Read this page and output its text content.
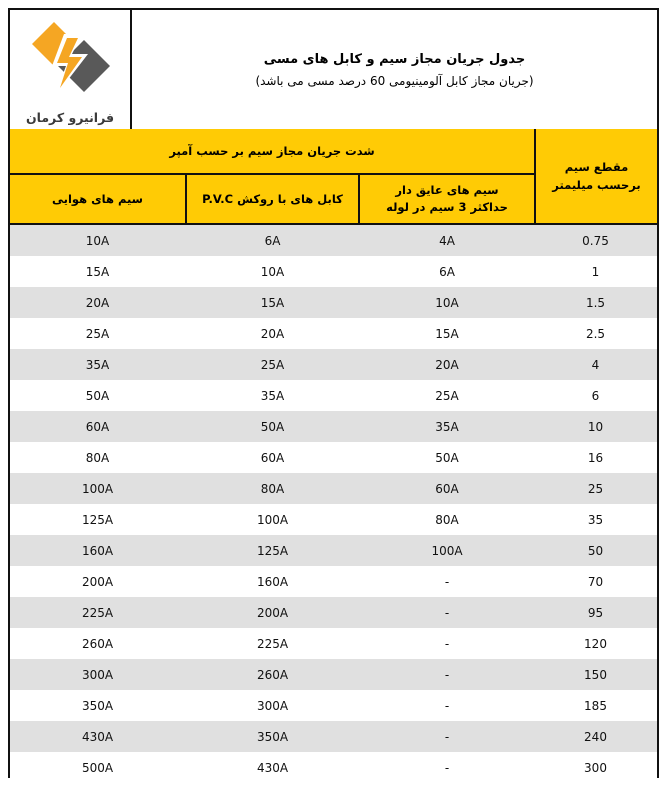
جدول جریان مجاز سیم و کابل های مسی
(جریان مجاز کابل آلومینیومی 60 درصد مسی می باشد)
فرانیرو کرمان
شدت جریان مجاز سیم بر حسب آمپر
سیم های هوایی	کابل های با روکش P.V.C
سیم های عایق دار حداکثر 3 سیم در لوله
مقطع سیم برحسب میلیمتر
0.75
4A
6A
10A
1
6A
10A
15A
1.5
10A
15A
20A
2.5
15A
20A
25A
4
20A
25A
35A
6
25A
35A
50A
10
35A
50A
60A
16
50A
60A
80A
25
60A
80A
100A
35
80A
100A
125A
50
100A
125A
160A
70
-
160A
200A
95
-
200A
225A
120
-
225A
260A
150
-
260A
300A
185
-
300A
350A
240
-
350A
430A
300
-
430A
500A
